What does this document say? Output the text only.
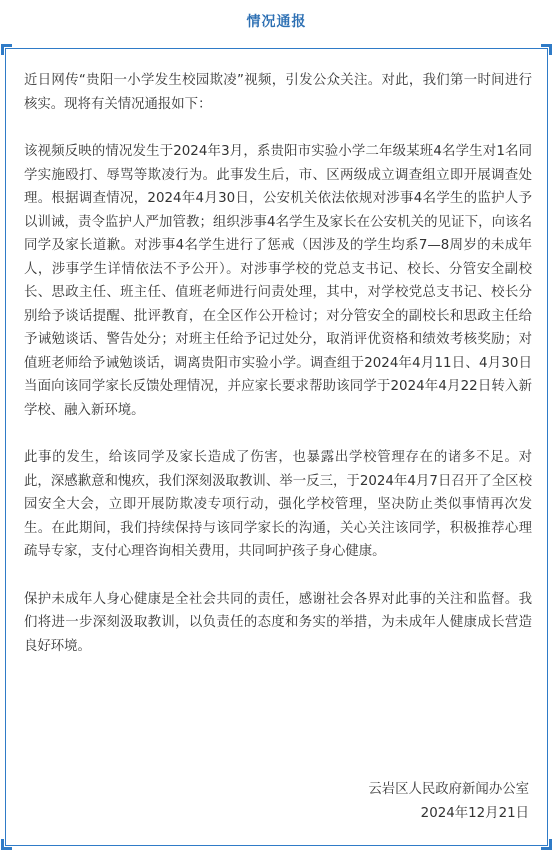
情况通报

近日网传“贵阳一小学发生校园欺凌”视频，引发公众关注。对此，我们第一时间进行核实。现将有关情况通报如下：

该视频反映的情况发生于2024年3月，系贵阳市实验小学二年级某班4名学生对1名同学实施殴打、辱骂等欺凌行为。此事发生后，市、区两级成立调查组立即开展调查处理。根据调查情况，2024年4月30日，公安机关依法依规对涉事4名学生的监护人予以训诫，责令监护人严加管教；组织涉事4名学生及家长在公安机关的见证下，向该名同学及家长道歉。对涉事4名学生进行了惩戒（因涉及的学生均系7—8周岁的未成年人，涉事学生详情依法不予公开）。对涉事学校的党总支书记、校长、分管安全副校长、思政主任、班主任、值班老师进行问责处理，其中，对学校党总支书记、校长分别给予谈话提醒、批评教育，在全区作公开检讨；对分管安全的副校长和思政主任给予诫勉谈话、警告处分；对班主任给予记过处分，取消评优资格和绩效考核奖励；对值班老师给予诫勉谈话，调离贵阳市实验小学。调查组于2024年4月11日、4月30日当面向该同学家长反馈处理情况，并应家长要求帮助该同学于2024年4月22日转入新学校、融入新环境。

此事的发生，给该同学及家长造成了伤害，也暴露出学校管理存在的诸多不足。对此，深感歉意和愧疚，我们深刻汲取教训、举一反三，于2024年4月7日召开了全区校园安全大会，立即开展防欺凌专项行动，强化学校管理，坚决防止类似事情再次发生。在此期间，我们持续保持与该同学家长的沟通，关心关注该同学，积极推荐心理疏导专家，支付心理咨询相关费用，共同呵护孩子身心健康。

保护未成年人身心健康是全社会共同的责任，感谢社会各界对此事的关注和监督。我们将进一步深刻汲取教训，以负责任的态度和务实的举措，为未成年人健康成长营造良好环境。

云岩区人民政府新闻办公室
2024年12月21日
